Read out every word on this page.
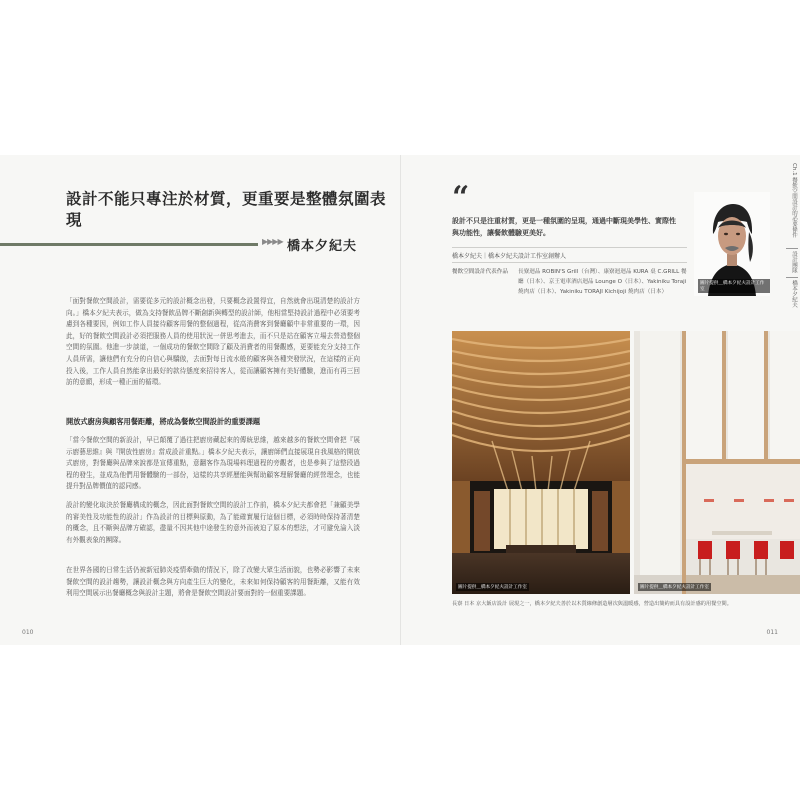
設計不能只專注於材質，更重要是整體氛圍表現
▶▶▶▶ 橋本夕紀夫

「面對餐飲空間設計，需要從多元的設計概念出發，只要概念設置得宜，自然就會出現清楚的設計方向。」橋本夕紀夫表示，做為支持餐飲品牌不斷創新與轉型的設計師，他相當堅持設計過程中必須要考慮到各種要因，例如工作人員接待顧客用餐的整個過程，從高消費客到餐廳顧中非常重要的一環，因此，好的餐飲空間設計必須把服務人員的使用狀況一併思考進去，而不只是站在顧客立場去營造整個空間的氛圍。他進一步談道，一個成功的餐飲空間除了顧及消費者的用餐觀感，更要能充分支持工作人員所需，讓他們有充分的自信心與驕傲，去面對每日流水般的顧客與各種突發狀況，在這樣的正向投入後，工作人員自然能拿出最好的款待態度來招待客人，從而讓顧客擁有美好體驗，進而有再三回訪的意願，形成一種正面的循環。

開放式廚房與顧客用餐距離，將成為餐飲空間設計的重要課題

「當今餐飲空間的新設計，早已顛覆了過往把廚房藏起來的傳統思維，越來越多的餐飲空間會把『展示廚藝思維』與『開放性廚房』當成設計重點。」橋本夕紀夫表示，讓廚師們直接展現自我風格的開放式廚房，對餐廳與品牌來說都是宣傳重點，意翻客作為現場料理過程的旁觀者，也是參與了這整段過程的發生，並成為他們用餐體驗的一部份，這樣的共享經歷能與幫助顧客理解餐廳的經營理念，也能提升對品牌價值的認同感。

設計的變化取決於餐廳構成的概念，因此面對餐飲空間的設計工作前，橋本夕紀夫都會把「兼顧美學的審美性及功能性的設計」作為設計的目標與原動，為了能確實履行這個目標，必須時時保持著清楚的概念，且不斷與品牌方確認，盡量不因其他中途發生的意外而被迫了原本的想法，才可避免淪入淡有外觀表象的團隊。

在世界各國的日常生活仍被新冠肺炎疫情牽動的情況下，除了改變大眾生活面貌，也勢必影響了未來餐飲空間的設計趨勢，讓設計概念與方向產生巨大的變化，未來如何保持顧客的用餐距離，又能有效利用空間展示出餐廳概念與設計主題，將會是餐飲空間設計要面對的一個重要課題。

010
“

設計不只是注重材質，更是一種氛圍的呈現，通過中斷現美學性、實際性與功能性，讓餐飲體驗更美好。

橋本夕紀夫｜橋本夕紀夫設計工作室創辦人
餐飲空間設計代表作品	長寮迴品 ROBIN'S Grill（台灣）、康寮迴迴品 KURA 桌 C.GRILL 餐廳（日本）、京王電車酒店迴品 Lounge O（日本）、Yakiniku Toraji 燒肉店（日本）、Yakiniku TORAJI Kichijoji 燒肉店（日本）

圖片提供＿橋本夕紀夫設計工作室
圖片提供＿橋本夕紀夫設計工作室	圖片提供＿橋本夕紀夫設計工作室

長寮 日本 京大飯店設計 展現之一，橋本夕紀夫善於以木質線條創造層次與溫暖感，營造出簡約而具有設計感的用餐空間。

011
Ch.1 餐飲空間設計的必要條件
設計團隊
橋本夕紀夫
